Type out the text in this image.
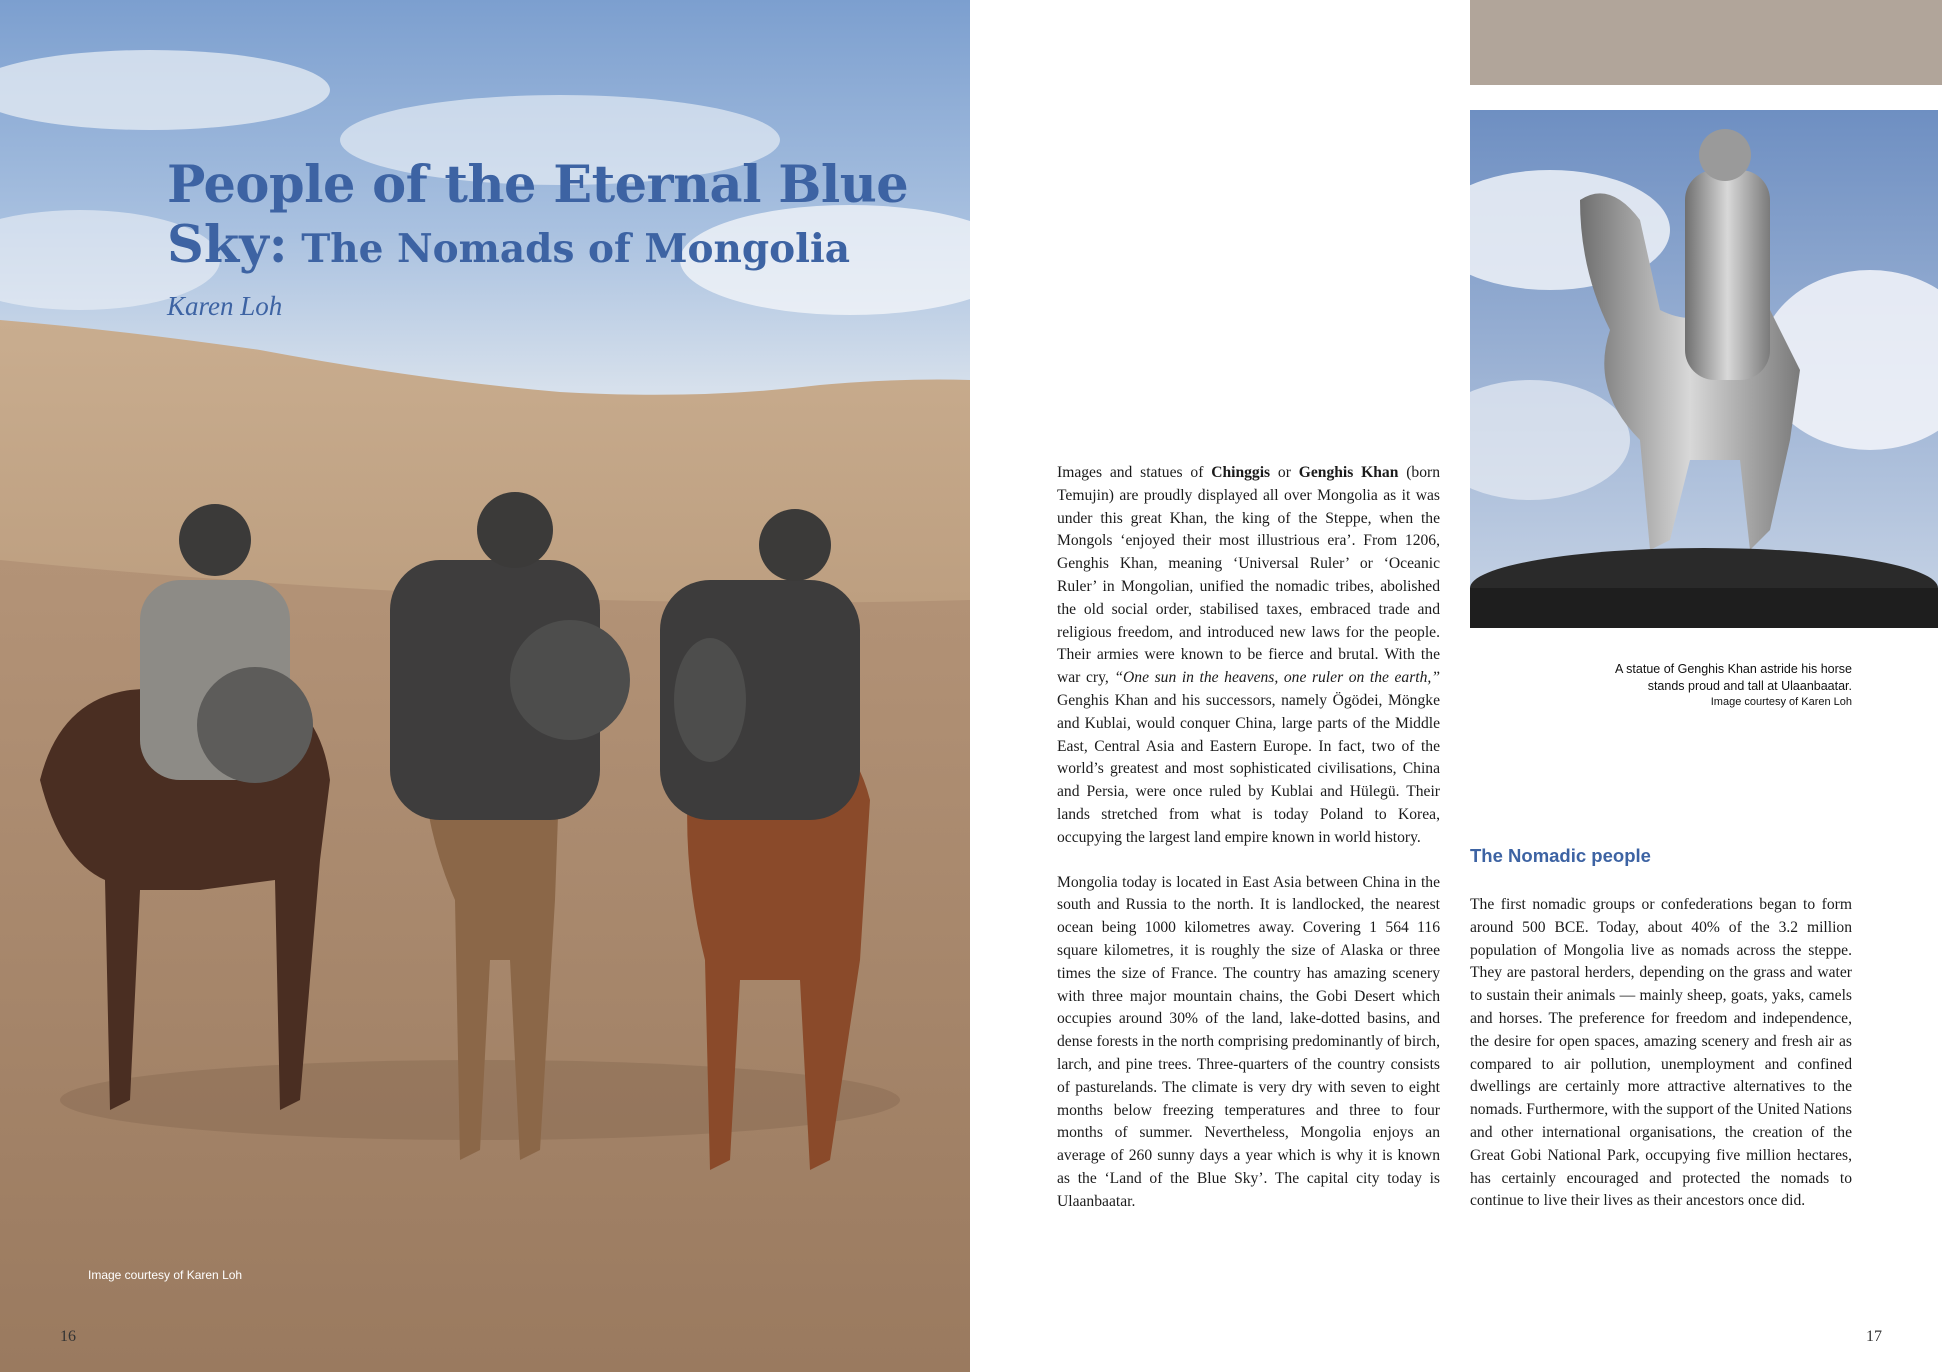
People of the Eternal Blue
Sky: The Nomads of Mongolia
Karen Loh
Image courtesy of Karen Loh
16
A statue of Genghis Khan astride his horse
stands proud and tall at Ulaanbaatar.
Image courtesy of Karen Loh

Images and statues of Chinggis or Genghis Khan (born Temujin) are proudly displayed all over Mongolia as it was under this great Khan, the king of the Steppe, when the Mongols ‘enjoyed their most illustrious era’. From 1206, Genghis Khan, meaning ‘Universal Ruler’ or ‘Oceanic Ruler’ in Mongolian, unified the nomadic tribes, abolished the old social order, stabilised taxes, embraced trade and religious freedom, and introduced new laws for the people. Their armies were known to be fierce and brutal. With the war cry, “One sun in the heavens, one ruler on the earth,” Genghis Khan and his successors, namely Ögödei, Möngke and Kublai, would conquer China, large parts of the Middle East, Central Asia and Eastern Europe. In fact, two of the world’s greatest and most sophisticated civilisations, China and Persia, were once ruled by Kublai and Hülegü. Their lands stretched from what is today Poland to Korea, occupying the largest land empire known in world history.

Mongolia today is located in East Asia between China in the south and Russia to the north. It is landlocked, the nearest ocean being 1000 kilometres away. Covering 1 564 116 square kilometres, it is roughly the size of Alaska or three times the size of France. The country has amazing scenery with three major mountain chains, the Gobi Desert which occupies around 30% of the land, lake-dotted basins, and dense forests in the north comprising predominantly of birch, larch, and pine trees. Three-quarters of the country consists of pasturelands. The climate is very dry with seven to eight months below freezing temperatures and three to four months of summer. Nevertheless, Mongolia enjoys an average of 260 sunny days a year which is why it is known as the ‘Land of the Blue Sky’. The capital city today is Ulaanbaatar.

The Nomadic people

The first nomadic groups or confederations began to form around 500 BCE. Today, about 40% of the 3.2 million population of Mongolia live as nomads across the steppe. They are pastoral herders, depending on the grass and water to sustain their animals — mainly sheep, goats, yaks, camels and horses. The preference for freedom and independence, the desire for open spaces, amazing scenery and fresh air as compared to air pollution, unemployment and confined dwellings are certainly more attractive alternatives to the nomads. Furthermore, with the support of the United Nations and other international organisations, the creation of the Great Gobi National Park, occupying five million hectares, has certainly encouraged and protected the nomads to continue to live their lives as their ancestors once did.

17
